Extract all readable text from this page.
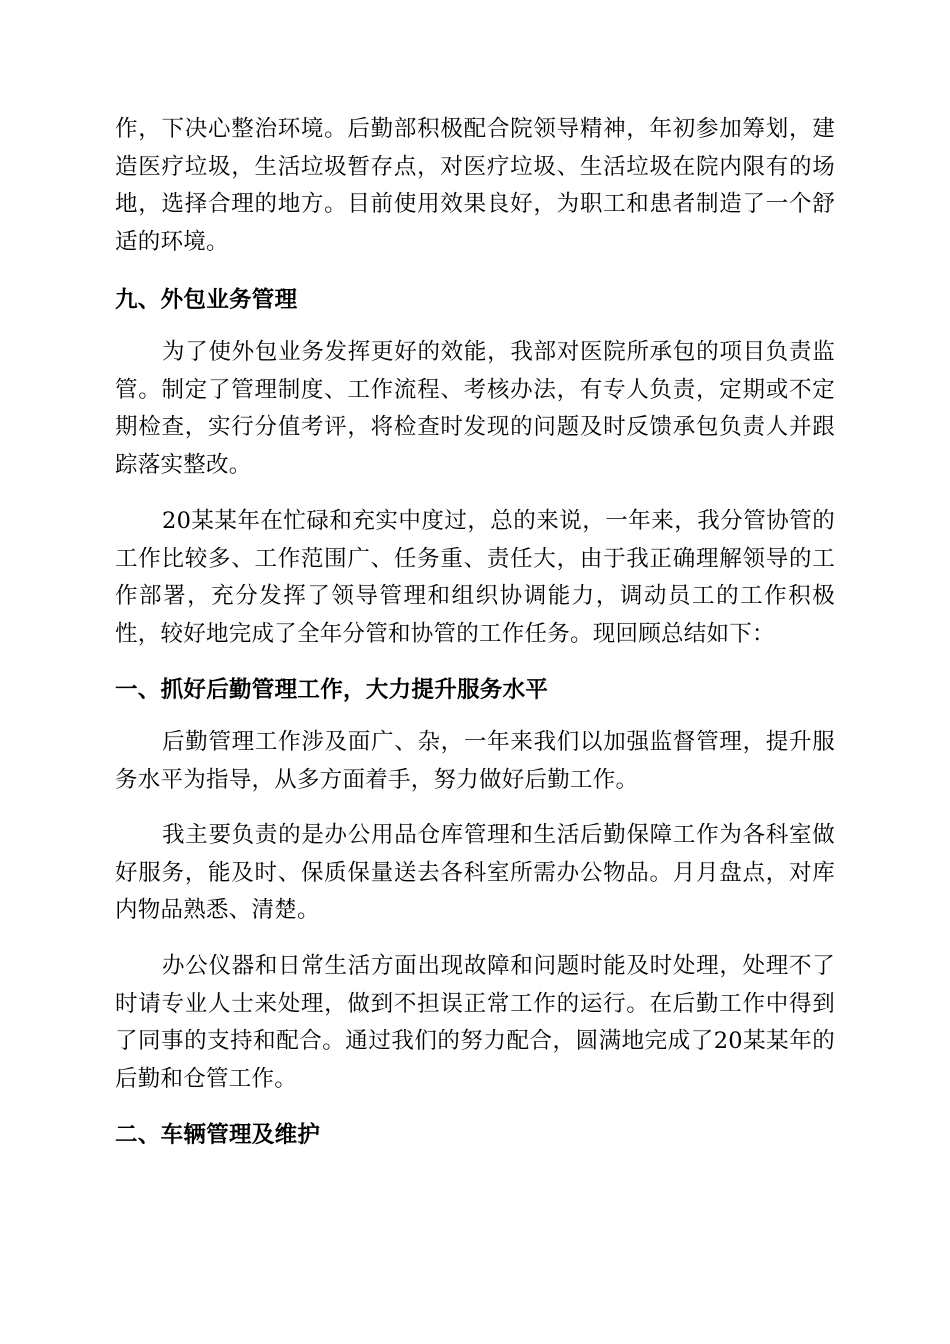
作，下决心整治环境。后勤部积极配合院领导精神，年初参加筹划，建造医疗垃圾，生活垃圾暂存点，对医疗垃圾、生活垃圾在院内限有的场地，选择合理的地方。目前使用效果良好，为职工和患者制造了一个舒适的环境。

九、外包业务管理

为了使外包业务发挥更好的效能，我部对医院所承包的项目负责监管。制定了管理制度、工作流程、考核办法，有专人负责，定期或不定期检查，实行分值考评，将检查时发现的问题及时反馈承包负责人并跟踪落实整改。

20某某年在忙碌和充实中度过，总的来说，一年来，我分管协管的工作比较多、工作范围广、任务重、责任大，由于我正确理解领导的工作部署，充分发挥了领导管理和组织协调能力，调动员工的工作积极性，较好地完成了全年分管和协管的工作任务。现回顾总结如下：

一、抓好后勤管理工作，大力提升服务水平

后勤管理工作涉及面广、杂，一年来我们以加强监督管理，提升服务水平为指导，从多方面着手，努力做好后勤工作。

我主要负责的是办公用品仓库管理和生活后勤保障工作为各科室做好服务，能及时、保质保量送去各科室所需办公物品。月月盘点，对库内物品熟悉、清楚。

办公仪器和日常生活方面出现故障和问题时能及时处理，处理不了时请专业人士来处理，做到不担误正常工作的运行。在后勤工作中得到了同事的支持和配合。通过我们的努力配合，圆满地完成了20某某年的后勤和仓管工作。

二、车辆管理及维护
